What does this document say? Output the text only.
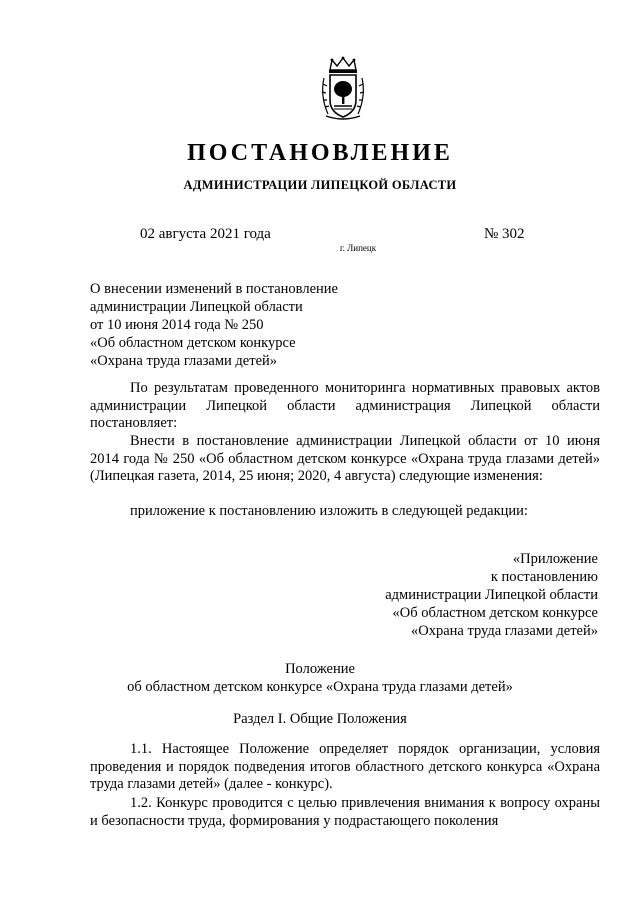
ПОСТАНОВЛЕНИЕ
АДМИНИСТРАЦИИ ЛИПЕЦКОЙ ОБЛАСТИ
02 августа 2021 года	№ 302
г. Липецк
О внесении изменений в постановление
администрации Липецкой области
от 10 июня 2014 года № 250
«Об областном детском конкурсе
«Охрана труда глазами детей»
По результатам проведенного мониторинга нормативных правовых актов администрации Липецкой области администрация Липецкой области постановляет:
Внести в постановление администрации Липецкой области от 10 июня 2014 года № 250 «Об областном детском конкурсе «Охрана труда глазами детей» (Липецкая газета, 2014, 25 июня; 2020, 4 августа) следующие изменения:
приложение к постановлению изложить в следующей редакции:
«Приложение
к постановлению
администрации Липецкой области
«Об областном детском конкурсе
«Охрана труда глазами детей»
Положение
об областном детском конкурсе «Охрана труда глазами детей»
Раздел I. Общие Положения
1.1. Настоящее Положение определяет порядок организации, условия проведения и порядок подведения итогов областного детского конкурса «Охрана труда глазами детей» (далее - конкурс).
1.2. Конкурс проводится с целью привлечения внимания к вопросу охраны и безопасности труда, формирования у подрастающего поколения
